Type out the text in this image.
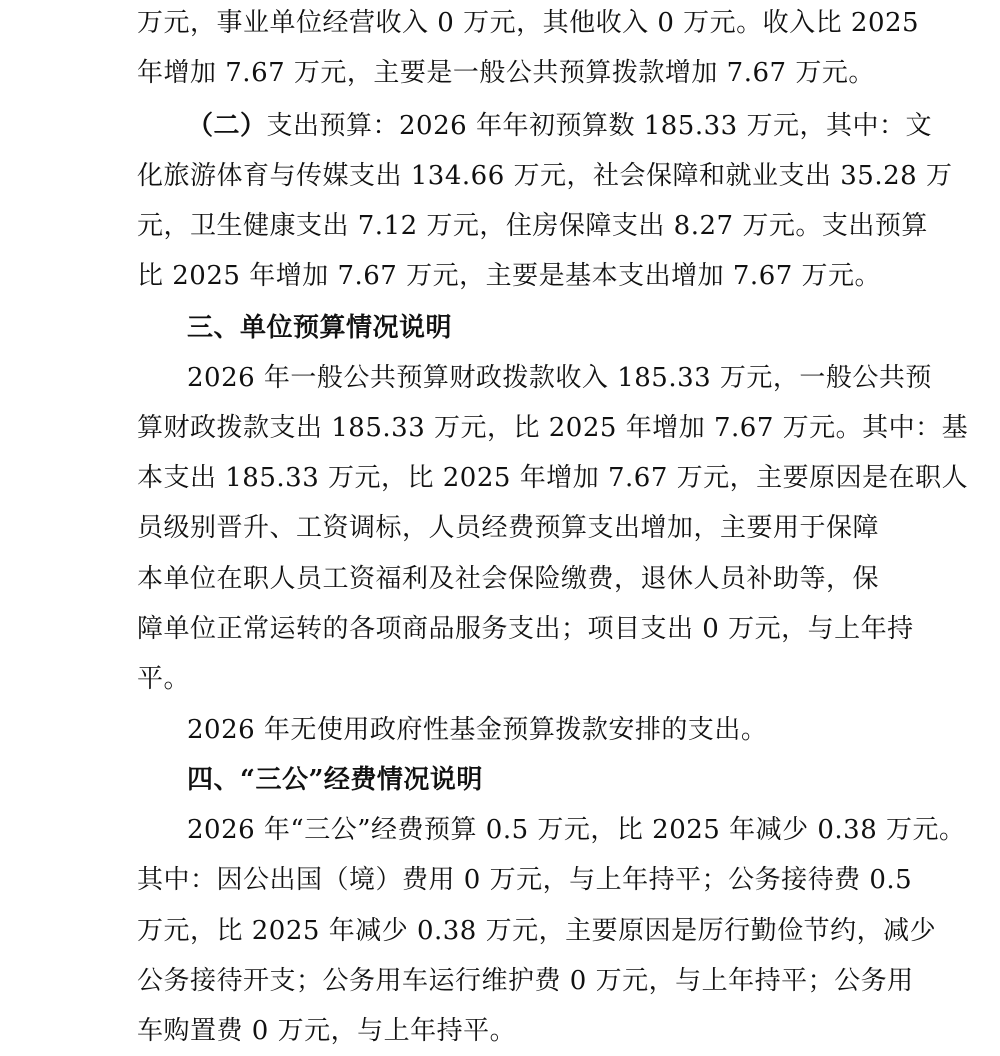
万元，事业单位经营收入 0 万元，其他收入 0 万元。收入比 2025
年增加 7.67 万元，主要是一般公共预算拨款增加 7.67 万元。
（二）支出预算：2026 年年初预算数 185.33 万元，其中：文
化旅游体育与传媒支出 134.66 万元，社会保障和就业支出 35.28 万
元，卫生健康支出 7.12 万元，住房保障支出 8.27 万元。支出预算
比 2025 年增加 7.67 万元，主要是基本支出增加 7.67 万元。
三、单位预算情况说明
2026 年一般公共预算财政拨款收入 185.33 万元，一般公共预
算财政拨款支出 185.33 万元，比 2025 年增加 7.67 万元。其中：基
本支出 185.33 万元，比 2025 年增加 7.67 万元，主要原因是在职人
员级别晋升、工资调标，人员经费预算支出增加，主要用于保障
本单位在职人员工资福利及社会保险缴费，退休人员补助等，保
障单位正常运转的各项商品服务支出；项目支出 0 万元，与上年持
平。
2026 年无使用政府性基金预算拨款安排的支出。
四、“三公”经费情况说明
2026 年“三公”经费预算 0.5 万元，比 2025 年减少 0.38 万元。
其中：因公出国（境）费用 0 万元，与上年持平；公务接待费 0.5
万元，比 2025 年减少 0.38 万元，主要原因是厉行勤俭节约，减少
公务接待开支；公务用车运行维护费 0 万元，与上年持平；公务用
车购置费 0 万元，与上年持平。
